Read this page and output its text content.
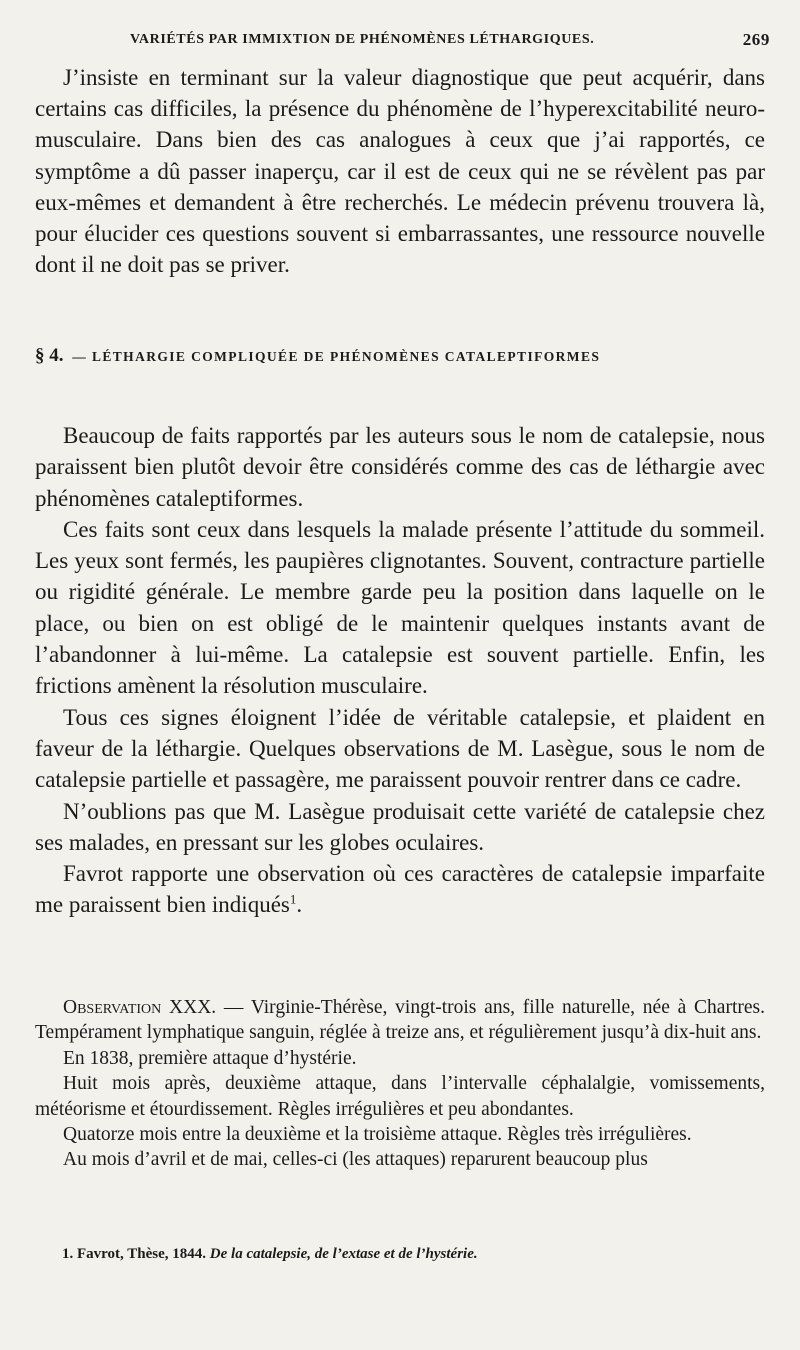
VARIÉTÉS PAR IMMIXTION DE PHÉNOMÈNES LÉTHARGIQUES.	269

J’insiste en terminant sur la valeur diagnostique que peut acquérir, dans certains cas difficiles, la présence du phénomène de l’hyperexcitabilité neuro-musculaire. Dans bien des cas analogues à ceux que j’ai rapportés, ce symptôme a dû passer inaperçu, car il est de ceux qui ne se révèlent pas par eux-mêmes et demandent à être recherchés. Le médecin prévenu trouvera là, pour élucider ces questions souvent si embarrassantes, une ressource nouvelle dont il ne doit pas se priver.

§ 4. — LÉTHARGIE COMPLIQUÉE DE PHÉNOMÈNES CATALEPTIFORMES

Beaucoup de faits rapportés par les auteurs sous le nom de catalepsie, nous paraissent bien plutôt devoir être considérés comme des cas de léthargie avec phénomènes cataleptiformes.

Ces faits sont ceux dans lesquels la malade présente l’attitude du sommeil. Les yeux sont fermés, les paupières clignotantes. Souvent, contracture partielle ou rigidité générale. Le membre garde peu la position dans laquelle on le place, ou bien on est obligé de le maintenir quelques instants avant de l’abandonner à lui-même. La catalepsie est souvent partielle. Enfin, les frictions amènent la résolution musculaire.

Tous ces signes éloignent l’idée de véritable catalepsie, et plaident en faveur de la léthargie. Quelques observations de M. Lasègue, sous le nom de catalepsie partielle et passagère, me paraissent pouvoir rentrer dans ce cadre.

N’oublions pas que M. Lasègue produisait cette variété de catalepsie chez ses malades, en pressant sur les globes oculaires.

Favrot rapporte une observation où ces caractères de catalepsie imparfaite me paraissent bien indiqués$^1$.

Observation XXX. — Virginie-Thérèse, vingt-trois ans, fille naturelle, née à Chartres. Tempérament lymphatique sanguin, réglée à treize ans, et régulièrement jusqu’à dix-huit ans.

En 1838, première attaque d’hystérie.

Huit mois après, deuxième attaque, dans l’intervalle céphalalgie, vomissements, météorisme et étourdissement. Règles irrégulières et peu abondantes.

Quatorze mois entre la deuxième et la troisième attaque. Règles très irrégulières.

Au mois d’avril et de mai, celles-ci (les attaques) reparurent beaucoup plus

1. Favrot, Thèse, 1844. De la catalepsie, de l’extase et de l’hystérie.
